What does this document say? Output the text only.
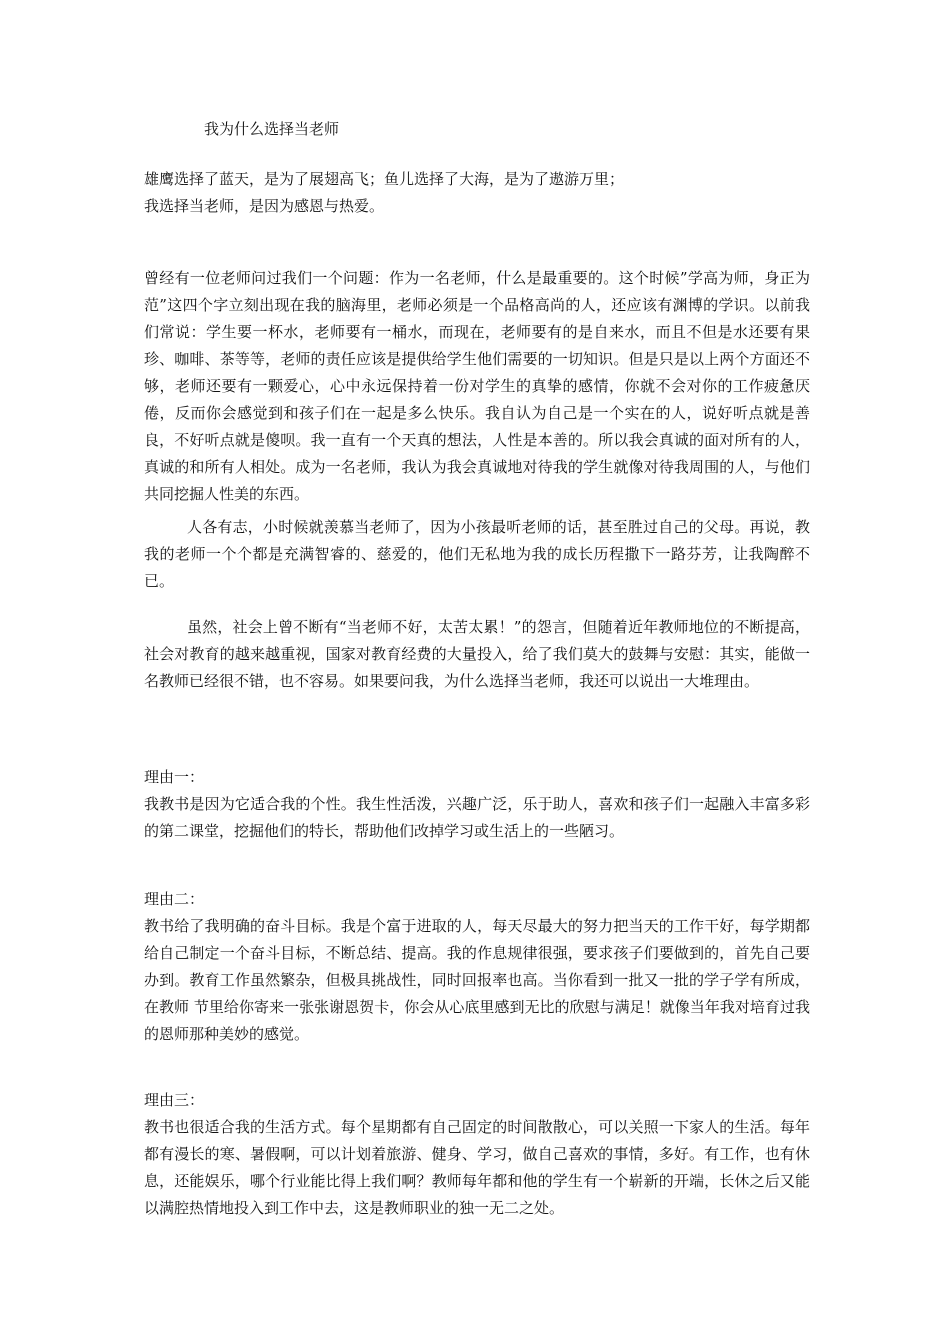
我为什么选择当老师
雄鹰选择了蓝天，是为了展翅高飞；鱼儿选择了大海，是为了遨游万里；
我选择当老师，是因为感恩与热爱。

曾经有一位老师问过我们一个问题：作为一名老师，什么是最重要的。这个时候”学高为师，身正为范”这四个字立刻出现在我的脑海里，老师必须是一个品格高尚的人，还应该有渊博的学识。以前我们常说：学生要一杯水，老师要有一桶水，而现在，老师要有的是自来水，而且不但是水还要有果珍、咖啡、茶等等，老师的责任应该是提供给学生他们需要的一切知识。但是只是以上两个方面还不够，老师还要有一颗爱心，心中永远保持着一份对学生的真挚的感情，你就不会对你的工作疲惫厌倦，反而你会感觉到和孩子们在一起是多么快乐。我自认为自己是一个实在的人，说好听点就是善良，不好听点就是傻呗。我一直有一个天真的想法，人性是本善的。所以我会真诚的面对所有的人，真诚的和所有人相处。成为一名老师，我认为我会真诚地对待我的学生就像对待我周围的人，与他们共同挖掘人性美的东西。

人各有志，小时候就羡慕当老师了，因为小孩最听老师的话，甚至胜过自己的父母。再说，教我的老师一个个都是充满智睿的、慈爱的，他们无私地为我的成长历程撒下一路芬芳，让我陶醉不已。

虽然，社会上曾不断有“当老师不好，太苦太累！”的怨言，但随着近年教师地位的不断提高，社会对教育的越来越重视，国家对教育经费的大量投入，给了我们莫大的鼓舞与安慰：其实，能做一名教师已经很不错，也不容易。如果要问我，为什么选择当老师，我还可以说出一大堆理由。

理由一：

我教书是因为它适合我的个性。我生性活泼，兴趣广泛，乐于助人，喜欢和孩子们一起融入丰富多彩的第二课堂，挖掘他们的特长，帮助他们改掉学习或生活上的一些陋习。

理由二：

教书给了我明确的奋斗目标。我是个富于进取的人，每天尽最大的努力把当天的工作干好，每学期都给自己制定一个奋斗目标，不断总结、提高。我的作息规律很强，要求孩子们要做到的，首先自己要办到。教育工作虽然繁杂，但极具挑战性，同时回报率也高。当你看到一批又一批的学子学有所成，在教师 节里给你寄来一张张谢恩贺卡，你会从心底里感到无比的欣慰与满足！就像当年我对培育过我的恩师那种美妙的感觉。

理由三：

教书也很适合我的生活方式。每个星期都有自己固定的时间散散心，可以关照一下家人的生活。每年都有漫长的寒、暑假啊，可以计划着旅游、健身、学习，做自己喜欢的事情，多好。有工作，也有休息，还能娱乐，哪个行业能比得上我们啊？教师每年都和他的学生有一个崭新的开端，长休之后又能以满腔热情地投入到工作中去，这是教师职业的独一无二之处。
